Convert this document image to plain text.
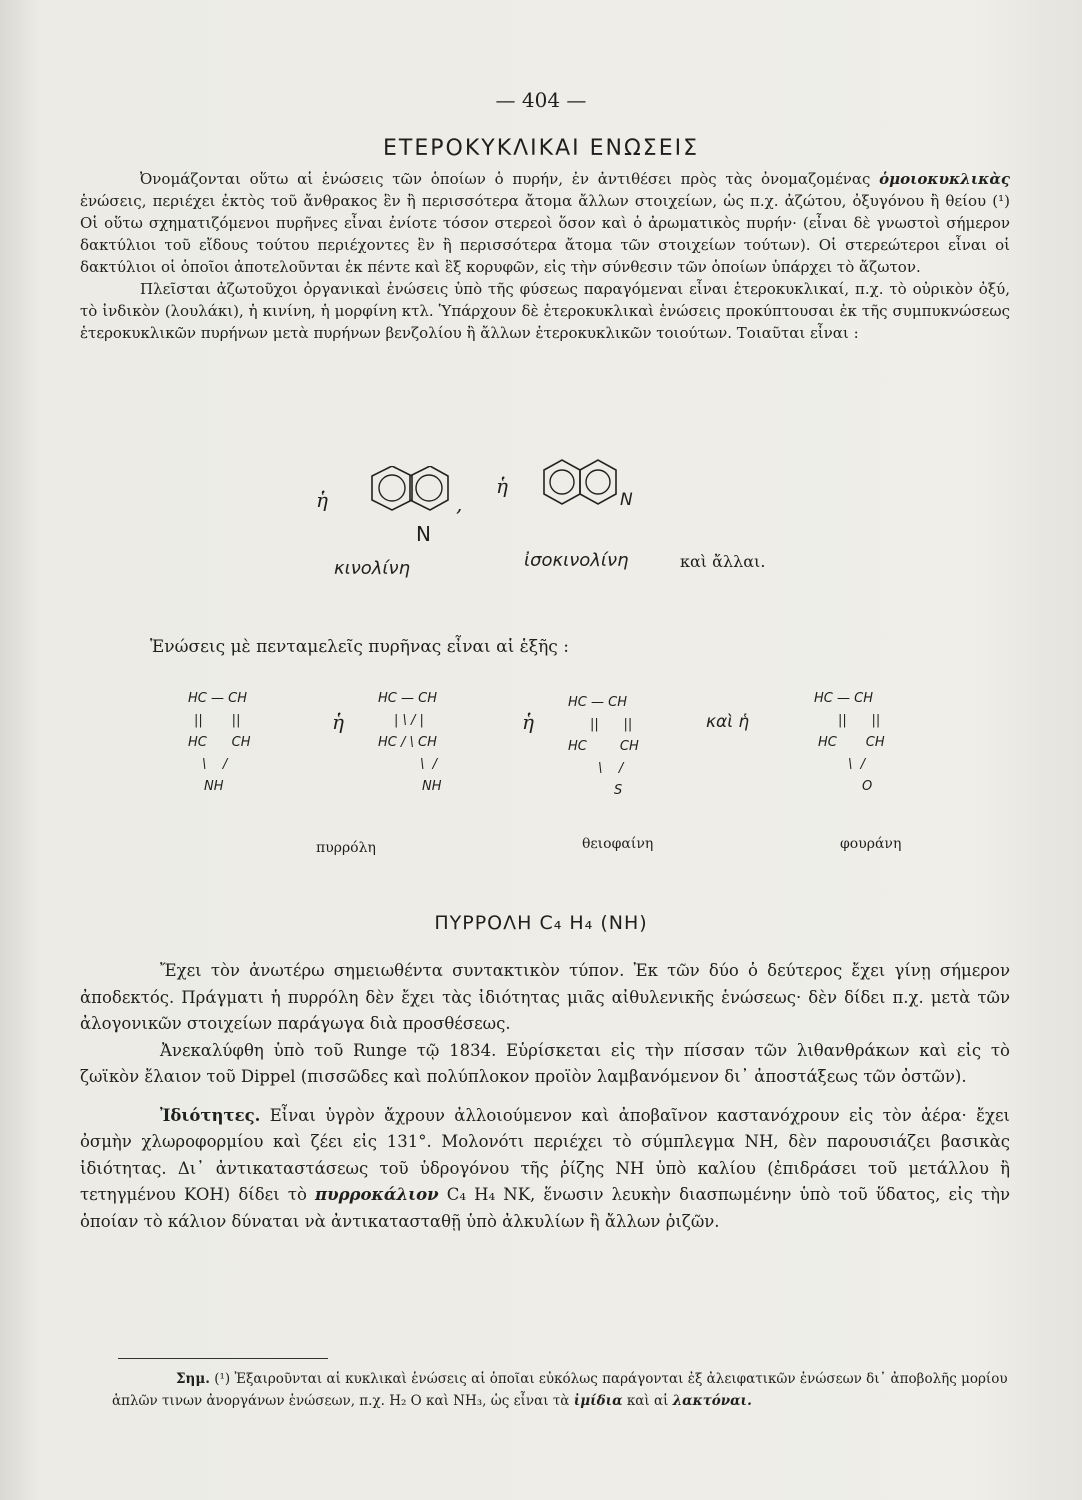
— 404 —
ΕΤΕΡΟΚΥΚΛΙΚΑΙ ΕΝΩΣΕΙΣ

Ὀνομάζονται οὕτω αἱ ἑνώσεις τῶν ὁποίων ὁ πυρήν, ἐν ἀντιθέσει πρὸς τὰς ὀνομαζομένας ὁμοιοκυκλικὰς ἑνώσεις, περιέχει ἐκτὸς τοῦ ἄνθρακος ἓν ἢ περισσότερα ἄτομα ἄλλων στοιχείων, ὡς π.χ. ἀζώτου, ὀξυγόνου ἢ θείου (¹) Οἱ οὕτω σχηματιζόμενοι πυρῆνες εἶναι ἐνίοτε τόσον στερεοὶ ὅσον καὶ ὁ ἀρωματικὸς πυρήν· (εἶναι δὲ γνωστοὶ σήμερον δακτύλιοι τοῦ εἴδους τούτου περιέχοντες ἓν ἢ περισσότερα ἄτομα τῶν στοιχείων τούτων). Οἱ στερεώτεροι εἶναι οἱ δακτύλιοι οἱ ὁποῖοι ἀποτελοῦνται ἐκ πέντε καὶ ἓξ κορυφῶν, εἰς τὴν σύνθεσιν τῶν ὁποίων ὑπάρχει τὸ ἄζωτον.

Πλεῖσται ἀζωτοῦχοι ὀργανικαὶ ἑνώσεις ὑπὸ τῆς φύσεως παραγόμεναι εἶναι ἑτεροκυκλικαί, π.χ. τὸ οὐρικὸν ὀξύ, τὸ ἰνδικὸν (λουλάκι), ἡ κινίνη, ἡ μορφίνη κτλ. Ὑπάρχουν δὲ ἑτεροκυκλικαὶ ἑνώσεις προκύπτουσαι ἐκ τῆς συμπυκνώσεως ἑτεροκυκλικῶν πυρήνων μετὰ πυρήνων βενζολίου ἢ ἄλλων ἑτεροκυκλικῶν τοιούτων. Τοιαῦται εἶναι :

ἡ
N
,
ἡ
N
κινολίνη	ἰσοκινολίνη	καὶ ἄλλαι.
Ἑνώσεις μὲ πενταμελεῖς πυρῆνας εἶναι αἱ ἑξῆς :
HC — CH
||       ||
HC CH
\    /
NH
ἡ
HC — CH
| \ / |
HC / \ CH
\  /
NH
ἡ
HC — CH
||      ||
HC	CH
\    /
S
καὶ ἡ
HC — CH
||      ||
HC CH
\  /
O
πυρρόλη	θειοφαίνη	φουράνη
ΠΥΡΡΟΛΗ C₄ H₄ (NH)

Ἔχει τὸν ἀνωτέρω σημειωθέντα συντακτικὸν τύπον. Ἐκ τῶν δύο ὁ δεύτερος ἔχει γίνῃ σήμερον ἀποδεκτός. Πράγματι ἡ πυρρόλη δὲν ἔχει τὰς ἰδιότητας μιᾶς αἰθυλενικῆς ἑνώσεως· δὲν δίδει π.χ. μετὰ τῶν ἀλογονικῶν στοιχείων παράγωγα διὰ προσθέσεως.

Ἀνεκαλύφθη ὑπὸ τοῦ Runge τῷ 1834. Εὑρίσκεται εἰς τὴν πίσσαν τῶν λιθανθράκων καὶ εἰς τὸ ζωϊκὸν ἔλαιον τοῦ Dippel (πισσῶδες καὶ πολύπλοκον προϊὸν λαμβανόμενον δι᾽ ἀποστάξεως τῶν ὀστῶν).

Ἰδιότητες. Εἶναι ὑγρὸν ἄχρουν ἀλλοιούμενον καὶ ἀποβαῖνον καστανόχρουν εἰς τὸν ἀέρα· ἔχει ὀσμὴν χλωροφορμίου καὶ ζέει εἰς 131°. Μολονότι περιέχει τὸ σύμπλεγμα NH, δὲν παρουσιάζει βασικὰς ἰδιότητας. Δι᾽ ἀντικαταστάσεως τοῦ ὑδρογόνου τῆς ῥίζης NH ὑπὸ καλίου (ἐπιδράσει τοῦ μετάλλου ἢ τετηγμένου KOH) δίδει τὸ πυρροκάλιον C₄ H₄ NK, ἕνωσιν λευκὴν διασπωμένην ὑπὸ τοῦ ὕδατος, εἰς τὴν ὁποίαν τὸ κάλιον δύναται νὰ ἀντικατασταθῇ ὑπὸ ἀλκυλίων ἢ ἄλλων ῥιζῶν.

Σημ. (¹) Ἐξαιροῦνται αἱ κυκλικαὶ ἑνώσεις αἱ ὁποῖαι εὐκόλως παράγονται ἐξ ἀλειφατικῶν ἑνώσεων δι᾽ ἀποβολῆς μορίου ἁπλῶν τινων ἀνοργάνων ἑνώσεων, π.χ. H₂ O καὶ NH₃, ὡς εἶναι τὰ ἰμίδια καὶ αἱ λακτόναι.
